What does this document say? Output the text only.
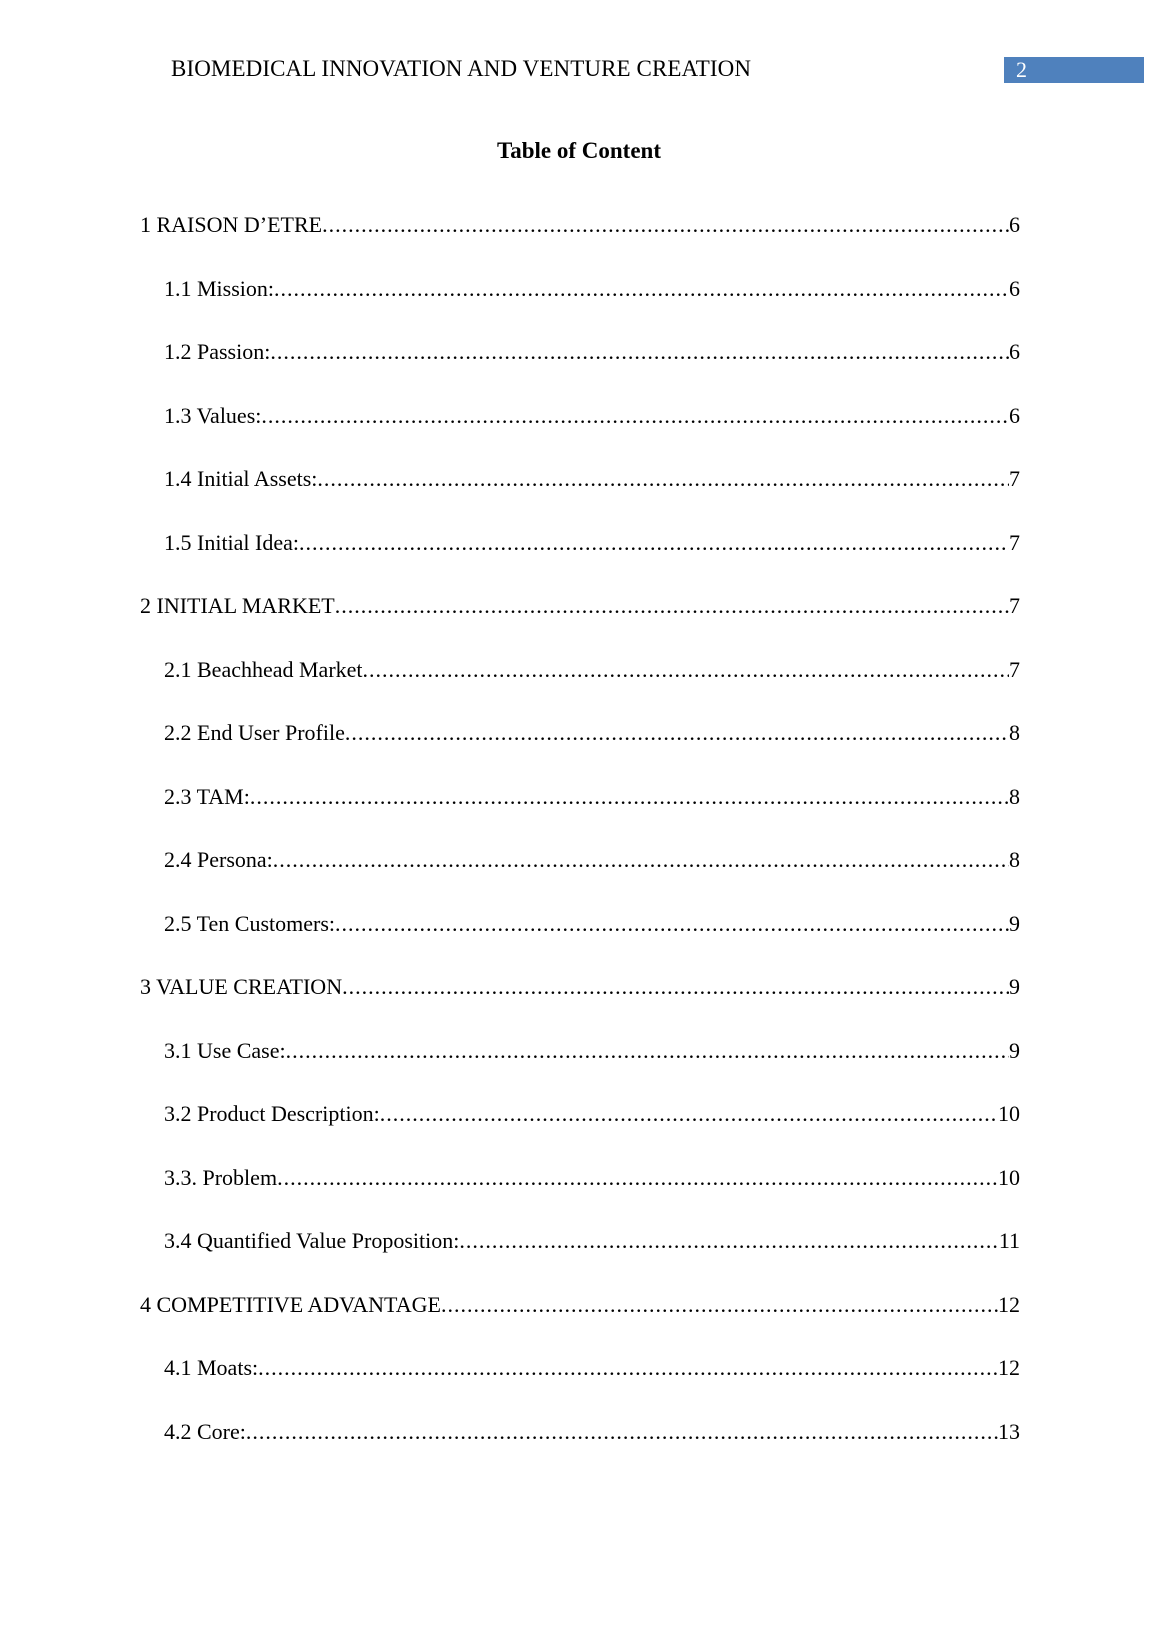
BIOMEDICAL INNOVATION AND VENTURE CREATION	2
Table of Content
1 RAISON D’ETRE .....	6
1.1 Mission: .....	6
1.2 Passion: .....	6
1.3 Values: .....	6
1.4 Initial Assets: .....	7
1.5 Initial Idea: .....	7
2 INITIAL MARKET .....	7
2.1 Beachhead Market .....	7
2.2 End User Profile .....	8
2.3 TAM: .....	8
2.4 Persona: .....	8
2.5 Ten Customers: .....	9
3 VALUE CREATION .....	9
3.1 Use Case: .....	9
3.2 Product Description: .....	10
3.3. Problem .....	10
3.4 Quantified Value Proposition: .....	11
4 COMPETITIVE ADVANTAGE .....	12
4.1 Moats: .....	12
4.2 Core: .....	13
